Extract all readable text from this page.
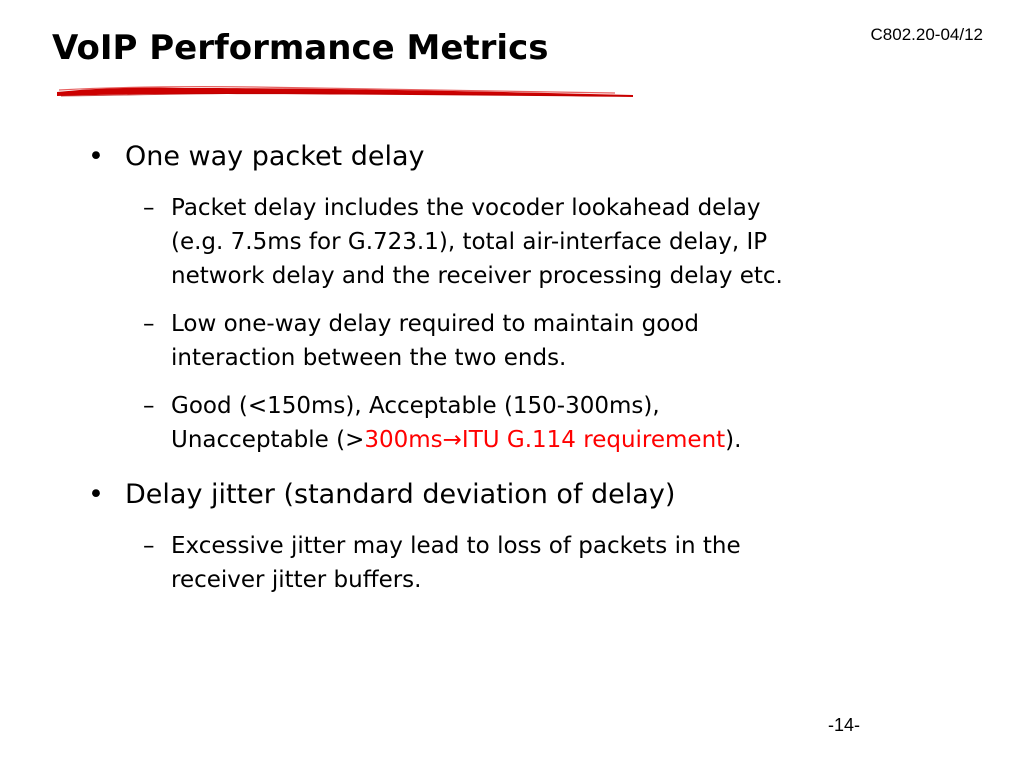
VoIP Performance Metrics	C802.20-04/12
• One way packet delay
– Packet delay includes the vocoder lookahead delay
(e.g. 7.5ms for G.723.1), total air-interface delay, IP
network delay and the receiver processing delay etc.
– Low one-way delay required to maintain good
interaction between the two ends.
– Good (<150ms), Acceptable (150-300ms),
Unacceptable (>300ms→ITU G.114 requirement).
• Delay jitter (standard deviation of delay)
– Excessive jitter may lead to loss of packets in the
receiver jitter buffers.
-14-
